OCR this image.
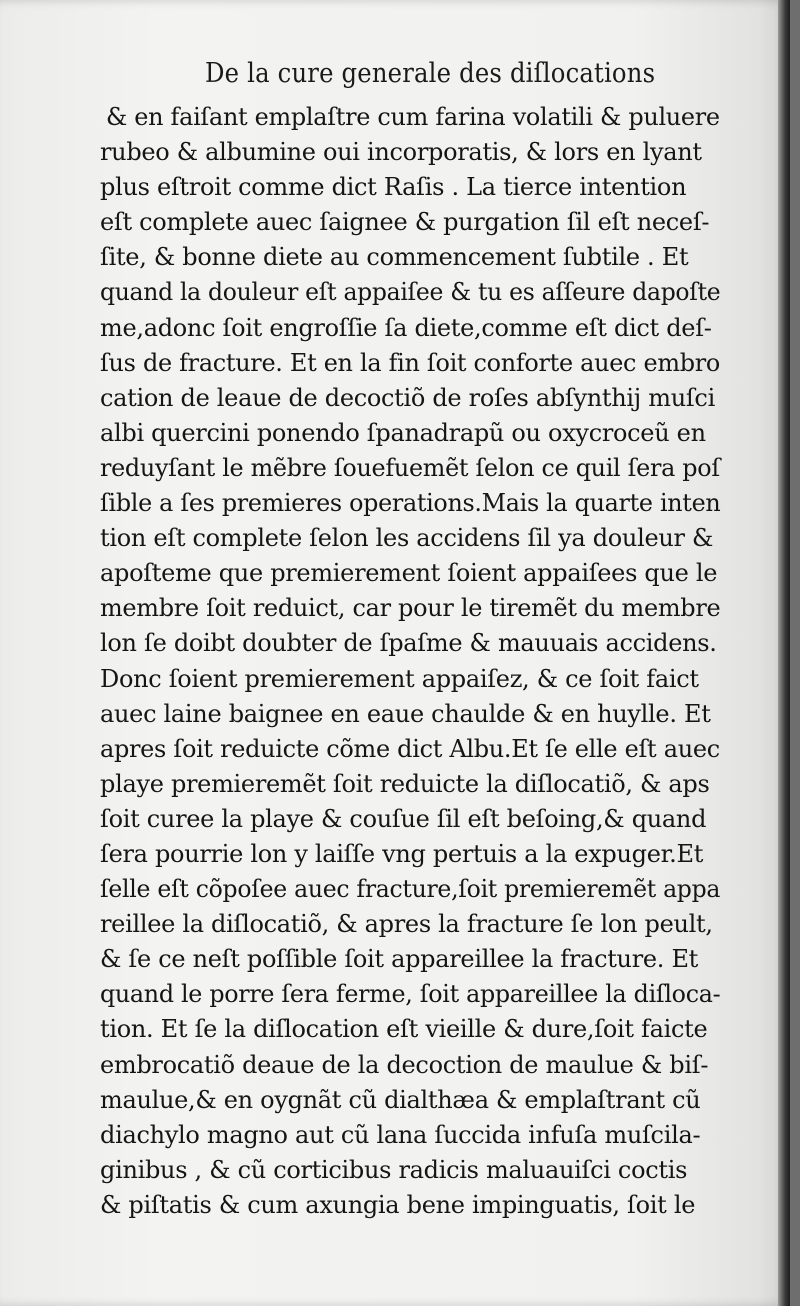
De la cure generale des diſlocations
& en faiſant emplaſtre cum farina volatili & puluere
rubeo & albumine oui incorporatis, & lors en lyant
plus eſtroit comme dict Raſis . La tierce intention
eſt complete auec ſaignee & purgation ſil eſt neceſ-
ſite, & bonne diete au commencement ſubtile . Et
quand la douleur eſt appaiſee & tu es aſſeure dapoſte
me,adonc ſoit engroſſie ſa diete,comme eſt dict deſ-
ſus de fracture. Et en la fin ſoit conforte auec embro
cation de leaue de decoctiõ de roſes abſynthij muſci
albi quercini ponendo ſpanadrapũ ou oxycroceũ en
reduyſant le mẽbre ſouefuemẽt ſelon ce quil ſera poſ
ſible a ſes premieres operations.Mais la quarte inten
tion eſt complete ſelon les accidens ſil ya douleur &
apoſteme que premierement ſoient appaiſees que le
membre ſoit reduict, car pour le tiremẽt du membre
lon ſe doibt doubter de ſpaſme & mauuais accidens.
Donc ſoient premierement appaiſez, & ce ſoit faict
auec laine baignee en eaue chaulde & en huylle. Et
apres ſoit reduicte cõme dict Albu.Et ſe elle eſt auec
playe premieremẽt ſoit reduicte la diſlocatiõ, & aps
ſoit curee la playe & couſue ſil eſt beſoing,& quand
ſera pourrie lon y laiſſe vng pertuis a la expuger.Et
ſelle eſt cõpoſee auec fracture,ſoit premieremẽt appa
reillee la diſlocatiõ, & apres la fracture ſe lon peult,
& ſe ce neſt poſſible ſoit appareillee la fracture. Et
quand le porre ſera ferme, ſoit appareillee la diſloca-
tion. Et ſe la diſlocation eſt vieille & dure,ſoit faicte
embrocatiõ deaue de la decoction de maulue & biſ-
maulue,& en oygnãt cũ dialthæa & emplaſtrant cũ
diachylo magno aut cũ lana ſuccida infuſa muſcila-
ginibus , & cũ corticibus radicis maluauiſci coctis
& piſtatis & cum axungia bene impinguatis, ſoit le
